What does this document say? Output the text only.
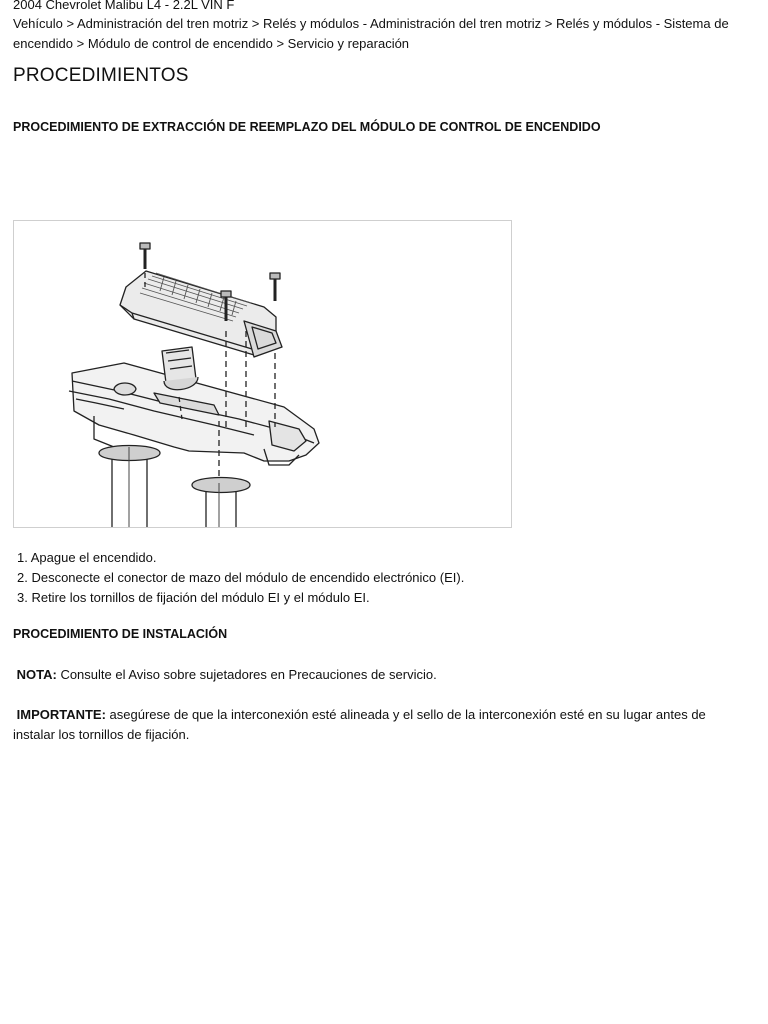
2004 Chevrolet Malibu L4 - 2.2L VIN F

Vehículo > Administración del tren motriz > Relés y módulos - Administración del tren motriz > Relés y módulos - Sistema de encendido > Módulo de control de encendido > Servicio y reparación

PROCEDIMIENTOS

PROCEDIMIENTO DE EXTRACCIÓN DE REEMPLAZO DEL MÓDULO DE CONTROL DE ENCENDIDO

1. Apague el encendido.
2. Desconecte el conector de mazo del módulo de encendido electrónico (EI).
3. Retire los tornillos de fijación del módulo EI y el módulo EI.

PROCEDIMIENTO DE INSTALACIÓN

NOTA: Consulte el Aviso sobre sujetadores en Precauciones de servicio.

IMPORTANTE: asegúrese de que la interconexión esté alineada y el sello de la interconexión esté en su lugar antes de instalar los tornillos de fijación.
